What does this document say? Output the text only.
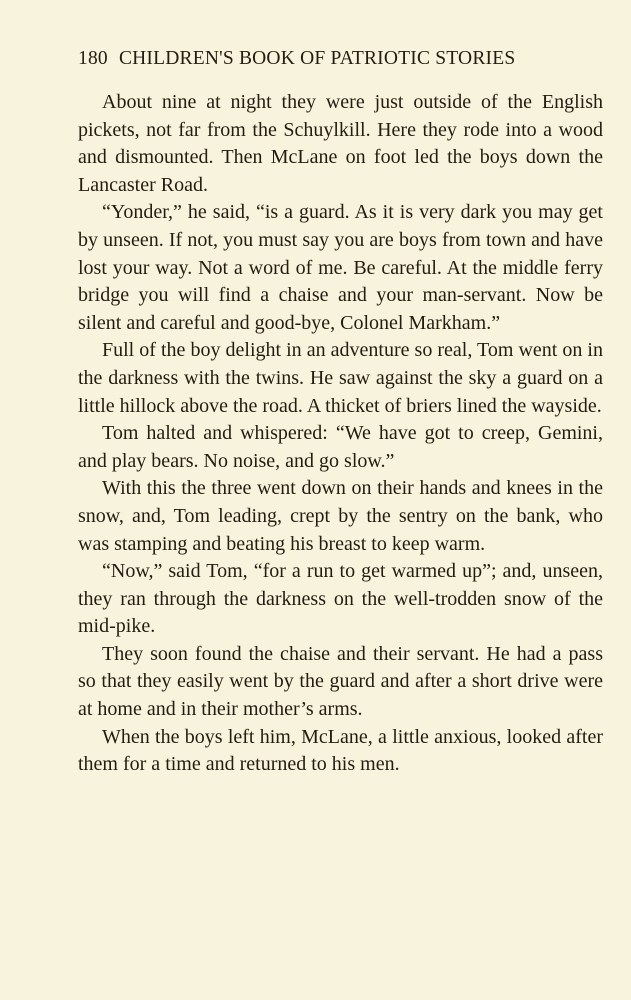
180 CHILDREN'S BOOK OF PATRIOTIC STORIES

About nine at night they were just outside of the English pickets, not far from the Schuylkill. Here they rode into a wood and dismounted. Then McLane on foot led the boys down the Lancaster Road.

“Yonder,” he said, “is a guard. As it is very dark you may get by unseen. If not, you must say you are boys from town and have lost your way. Not a word of me. Be careful. At the middle ferry bridge you will find a chaise and your man-servant. Now be silent and careful and good-bye, Colonel Markham.”

Full of the boy delight in an adventure so real, Tom went on in the darkness with the twins. He saw against the sky a guard on a little hillock above the road. A thicket of briers lined the wayside.

Tom halted and whispered: “We have got to creep, Gemini, and play bears. No noise, and go slow.”

With this the three went down on their hands and knees in the snow, and, Tom leading, crept by the sentry on the bank, who was stamping and beating his breast to keep warm.

“Now,” said Tom, “for a run to get warmed up”; and, unseen, they ran through the darkness on the well-trodden snow of the mid-pike.

They soon found the chaise and their servant. He had a pass so that they easily went by the guard and after a short drive were at home and in their mother’s arms.

When the boys left him, McLane, a little anxious, looked after them for a time and returned to his men.
